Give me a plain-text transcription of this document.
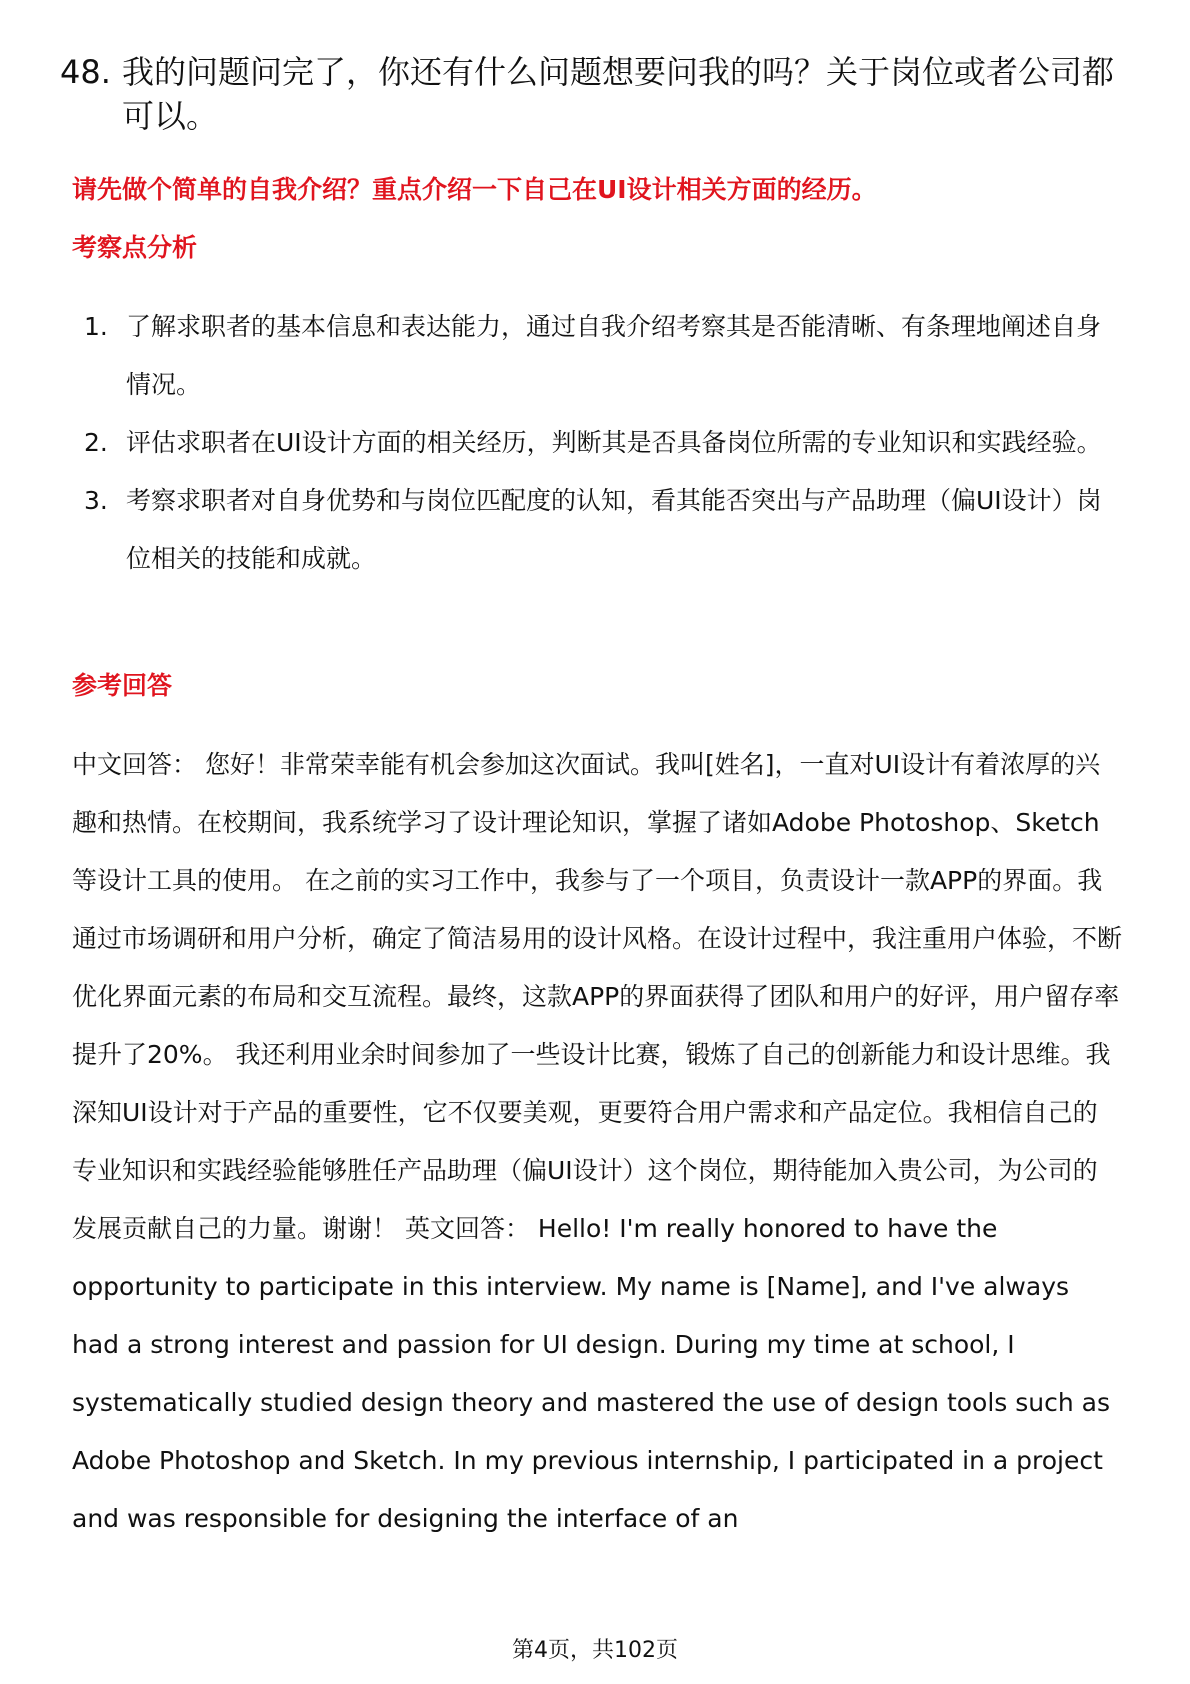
48. 我的问题问完了，你还有什么问题想要问我的吗？关于岗位或者公司都可以。
请先做个简单的自我介绍？重点介绍一下自己在UI设计相关方面的经历。
考察点分析
1. 了解求职者的基本信息和表达能力，通过自我介绍考察其是否能清晰、有条理地阐述自身情况。
2. 评估求职者在UI设计方面的相关经历，判断其是否具备岗位所需的专业知识和实践经验。
3. 考察求职者对自身优势和与岗位匹配度的认知，看其能否突出与产品助理（偏UI设计）岗位相关的技能和成就。
参考回答

中文回答： 您好！非常荣幸能有机会参加这次面试。我叫[姓名]，一直对UI设计有着浓厚的兴趣和热情。在校期间，我系统学习了设计理论知识，掌握了诸如Adobe Photoshop、Sketch等设计工具的使用。 在之前的实习工作中，我参与了一个项目，负责设计一款APP的界面。我通过市场调研和用户分析，确定了简洁易用的设计风格。在设计过程中，我注重用户体验，不断优化界面元素的布局和交互流程。最终，这款APP的界面获得了团队和用户的好评，用户留存率提升了20%。 我还利用业余时间参加了一些设计比赛，锻炼了自己的创新能力和设计思维。我深知UI设计对于产品的重要性，它不仅要美观，更要符合用户需求和产品定位。我相信自己的专业知识和实践经验能够胜任产品助理（偏UI设计）这个岗位，期待能加入贵公司，为公司的发展贡献自己的力量。谢谢！ 英文回答： Hello! I'm really honored to have the opportunity to participate in this interview. My name is [Name], and I've always had a strong interest and passion for UI design. During my time at school, I systematically studied design theory and mastered the use of design tools such as Adobe Photoshop and Sketch. In my previous internship, I participated in a project and was responsible for designing the interface of an

第4页，共102页
